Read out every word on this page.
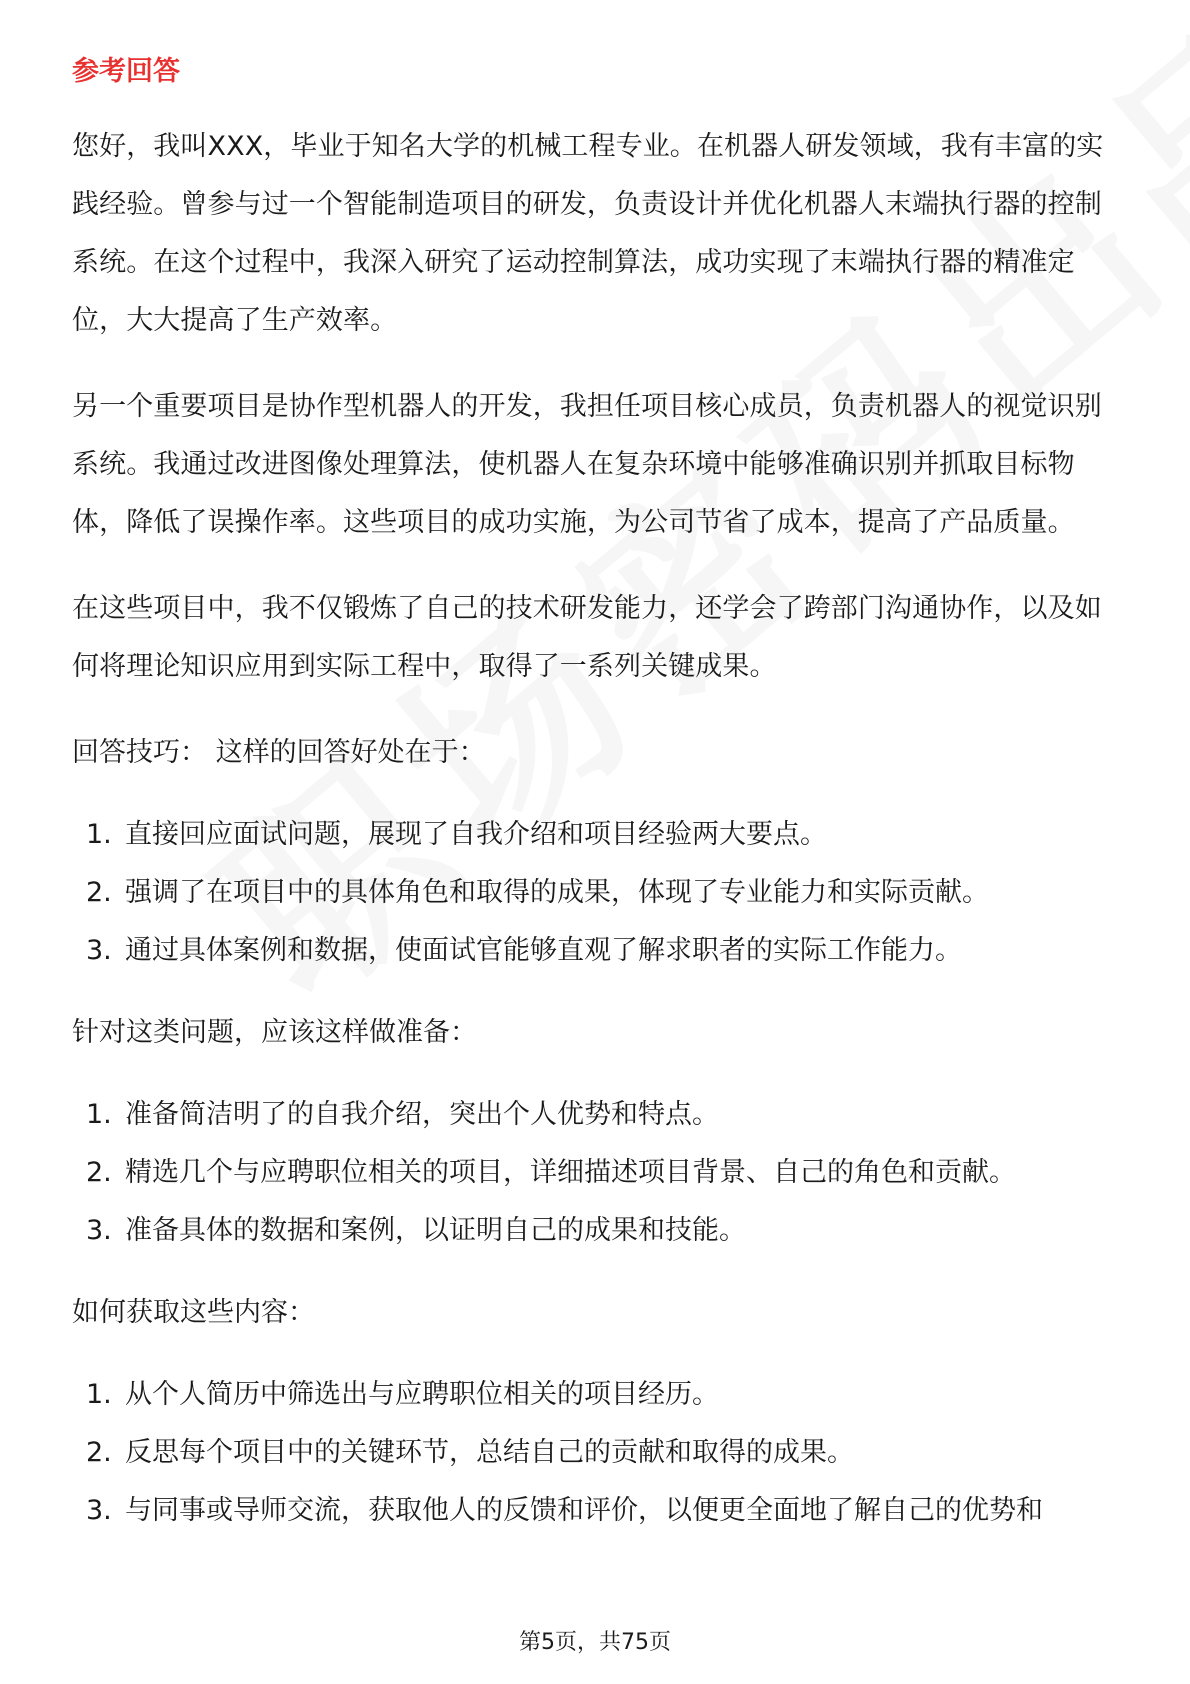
参考回答

您好，我叫XXX，毕业于知名大学的机械工程专业。在机器人研发领域，我有丰富的实践经验。曾参与过一个智能制造项目的研发，负责设计并优化机器人末端执行器的控制系统。在这个过程中，我深入研究了运动控制算法，成功实现了末端执行器的精准定位，大大提高了生产效率。

另一个重要项目是协作型机器人的开发，我担任项目核心成员，负责机器人的视觉识别系统。我通过改进图像处理算法，使机器人在复杂环境中能够准确识别并抓取目标物体，降低了误操作率。这些项目的成功实施，为公司节省了成本，提高了产品质量。

在这些项目中，我不仅锻炼了自己的技术研发能力，还学会了跨部门沟通协作，以及如何将理论知识应用到实际工程中，取得了一系列关键成果。

回答技巧： 这样的回答好处在于：

1. 直接回应面试问题，展现了自我介绍和项目经验两大要点。
2. 强调了在项目中的具体角色和取得的成果，体现了专业能力和实际贡献。
3. 通过具体案例和数据，使面试官能够直观了解求职者的实际工作能力。

针对这类问题，应该这样做准备：

1. 准备简洁明了的自我介绍，突出个人优势和特点。
2. 精选几个与应聘职位相关的项目，详细描述项目背景、自己的角色和贡献。
3. 准备具体的数据和案例，以证明自己的成果和技能。

如何获取这些内容：

1. 从个人简历中筛选出与应聘职位相关的项目经历。
2. 反思每个项目中的关键环节，总结自己的贡献和取得的成果。
3. 与同事或导师交流，获取他人的反馈和评价，以便更全面地了解自己的优势和
第5页，共75页
